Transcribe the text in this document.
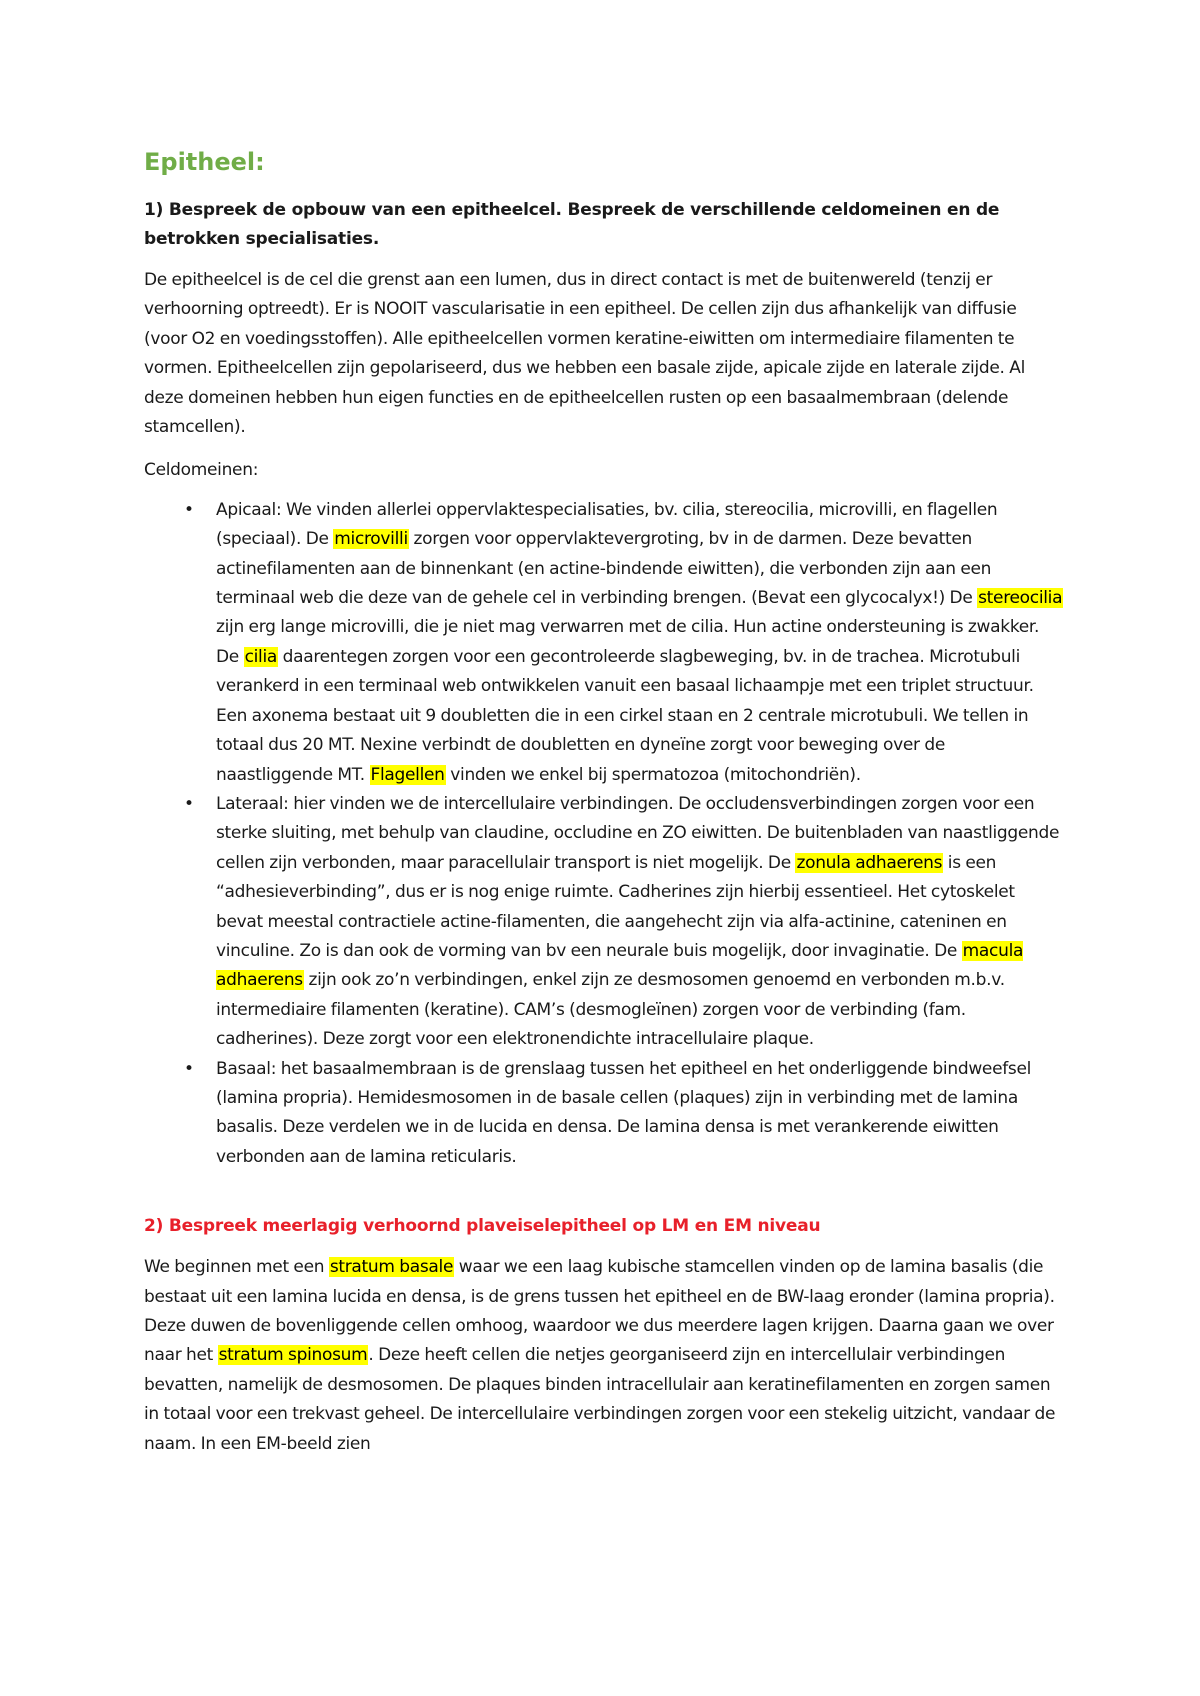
Epitheel:
1) Bespreek de opbouw van een epitheelcel. Bespreek de verschillende celdomeinen en de betrokken specialisaties.

De epitheelcel is de cel die grenst aan een lumen, dus in direct contact is met de buitenwereld (tenzij er verhoorning optreedt). Er is NOOIT vascularisatie in een epitheel. De cellen zijn dus afhankelijk van diffusie (voor O2 en voedingsstoffen). Alle epitheelcellen vormen keratine-eiwitten om intermediaire filamenten te vormen. Epitheelcellen zijn gepolariseerd, dus we hebben een basale zijde, apicale zijde en laterale zijde. Al deze domeinen hebben hun eigen functies en de epitheelcellen rusten op een basaalmembraan (delende stamcellen).

Celdomeinen:

• Apicaal: We vinden allerlei oppervlaktespecialisaties, bv. cilia, stereocilia, microvilli, en flagellen (speciaal). De microvilli zorgen voor oppervlaktevergroting, bv in de darmen. Deze bevatten actinefilamenten aan de binnenkant (en actine-bindende eiwitten), die verbonden zijn aan een terminaal web die deze van de gehele cel in verbinding brengen. (Bevat een glycocalyx!) De stereocilia zijn erg lange microvilli, die je niet mag verwarren met de cilia. Hun actine ondersteuning is zwakker. De cilia daarentegen zorgen voor een gecontroleerde slagbeweging, bv. in de trachea. Microtubuli verankerd in een terminaal web ontwikkelen vanuit een basaal lichaampje met een triplet structuur. Een axonema bestaat uit 9 doubletten die in een cirkel staan en 2 centrale microtubuli. We tellen in totaal dus 20 MT. Nexine verbindt de doubletten en dyneïne zorgt voor beweging over de naastliggende MT. Flagellen vinden we enkel bij spermatozoa (mitochondriën).
• Lateraal: hier vinden we de intercellulaire verbindingen. De occludensverbindingen zorgen voor een sterke sluiting, met behulp van claudine, occludine en ZO eiwitten. De buitenbladen van naastliggende cellen zijn verbonden, maar paracellulair transport is niet mogelijk. De zonula adhaerens is een “adhesieverbinding”, dus er is nog enige ruimte. Cadherines zijn hierbij essentieel. Het cytoskelet bevat meestal contractiele actine-filamenten, die aangehecht zijn via alfa-actinine, cateninen en vinculine. Zo is dan ook de vorming van bv een neurale buis mogelijk, door invaginatie. De macula adhaerens zijn ook zo’n verbindingen, enkel zijn ze desmosomen genoemd en verbonden m.b.v. intermediaire filamenten (keratine). CAM’s (desmogleïnen) zorgen voor de verbinding (fam. cadherines). Deze zorgt voor een elektronendichte intracellulaire plaque.
• Basaal: het basaalmembraan is de grenslaag tussen het epitheel en het onderliggende bindweefsel (lamina propria). Hemidesmosomen in de basale cellen (plaques) zijn in verbinding met de lamina basalis. Deze verdelen we in de lucida en densa. De lamina densa is met verankerende eiwitten verbonden aan de lamina reticularis.
2) Bespreek meerlagig verhoornd plaveiselepitheel op LM en EM niveau

We beginnen met een stratum basale waar we een laag kubische stamcellen vinden op de lamina basalis (die bestaat uit een lamina lucida en densa, is de grens tussen het epitheel en de BW-laag eronder (lamina propria). Deze duwen de bovenliggende cellen omhoog, waardoor we dus meerdere lagen krijgen. Daarna gaan we over naar het stratum spinosum. Deze heeft cellen die netjes georganiseerd zijn en intercellulair verbindingen bevatten, namelijk de desmosomen. De plaques binden intracellulair aan keratinefilamenten en zorgen samen in totaal voor een trekvast geheel. De intercellulaire verbindingen zorgen voor een stekelig uitzicht, vandaar de naam. In een EM-beeld zien
